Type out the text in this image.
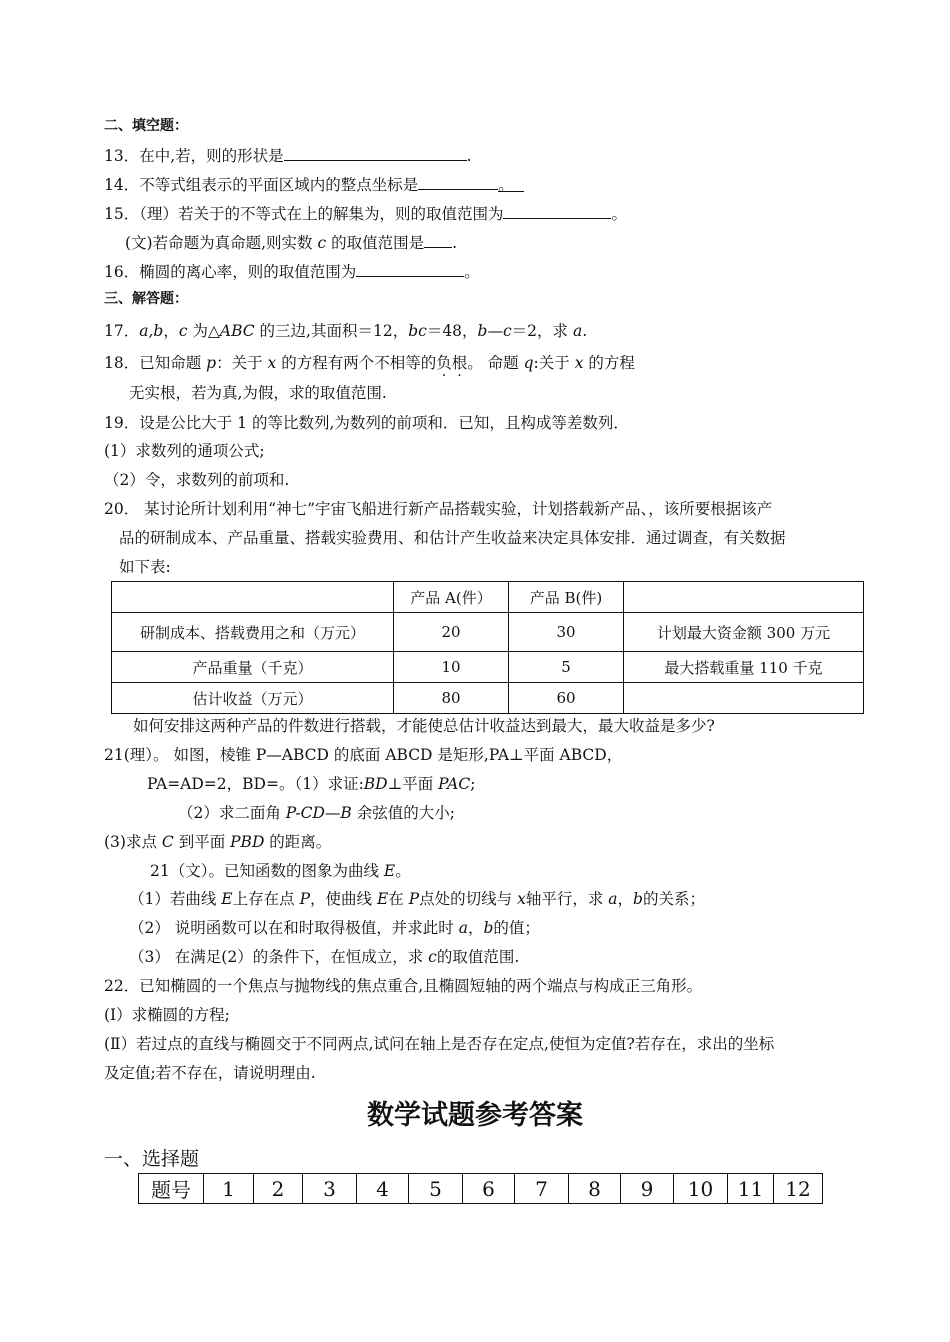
二、填空题：
13．在中,若，则的形状是	.
14．不等式组表示的平面区域内的整点坐标是	。
15．（理）若关于的不等式在上的解集为，则的取值范围为	。
(文)若命题为真命题,则实数 c 的取值范围是 .
16．椭圆的离心率，则的取值范围为	。
三、解答题：
17．a,b，c 为△ABC 的三边,其面积＝12，bc＝48，b—c＝2，求 a.
18．已知命题 p：关于 x 的方程有两个不相等的负根。 命题 q:关于 x 的方程
无实根，若为真,为假，求的取值范围.
19．设是公比大于 1 的等比数列,为数列的前项和．已知，且构成等差数列．
(1）求数列的通项公式;
（2）令，求数列的前项和.
20． 某讨论所计划利用“神七”宇宙飞船进行新产品搭载实验，计划搭载新产品、，该所要根据该产
品的研制成本、产品重量、搭载实验费用、和估计产生收益来决定具体安排．通过调查，有关数据
如下表:
	产品 A(件）	产品 B(件)	
研制成本、搭载费用之和（万元）	20	30	计划最大资金额 300 万元
产品重量（千克）	10	5	最大搭载重量 110 千克
估计收益（万元）	80	60	
如何安排这两种产品的件数进行搭载，才能使总估计收益达到最大，最大收益是多少?
21(理）。 如图，棱锥 P—ABCD 的底面 ABCD 是矩形,PA⊥平面 ABCD，
PA=AD=2，BD=。（1）求证:BD⊥平面 PAC;
（2）求二面角 P-CD—B 余弦值的大小;
(3)求点 C 到平面 PBD 的距离。
21（文）。已知函数的图象为曲线 E。
（1）若曲线 E上存在点 P，使曲线 E在 P点处的切线与 x轴平行，求 a，b的关系；
（2） 说明函数可以在和时取得极值，并求此时 a，b的值；
（3） 在满足(2）的条件下，在恒成立，求 c的取值范围.
22．已知椭圆的一个焦点与抛物线的焦点重合,且椭圆短轴的两个端点与构成正三角形。
(Ⅰ）求椭圆的方程;
(Ⅱ）若过点的直线与椭圆交于不同两点,试问在轴上是否存在定点,使恒为定值?若存在，求出的坐标
及定值;若不存在，请说明理由.
数学试题参考答案
一、选择题
题号	1	2	3	4	5	6	7	8	9	10	11	12
